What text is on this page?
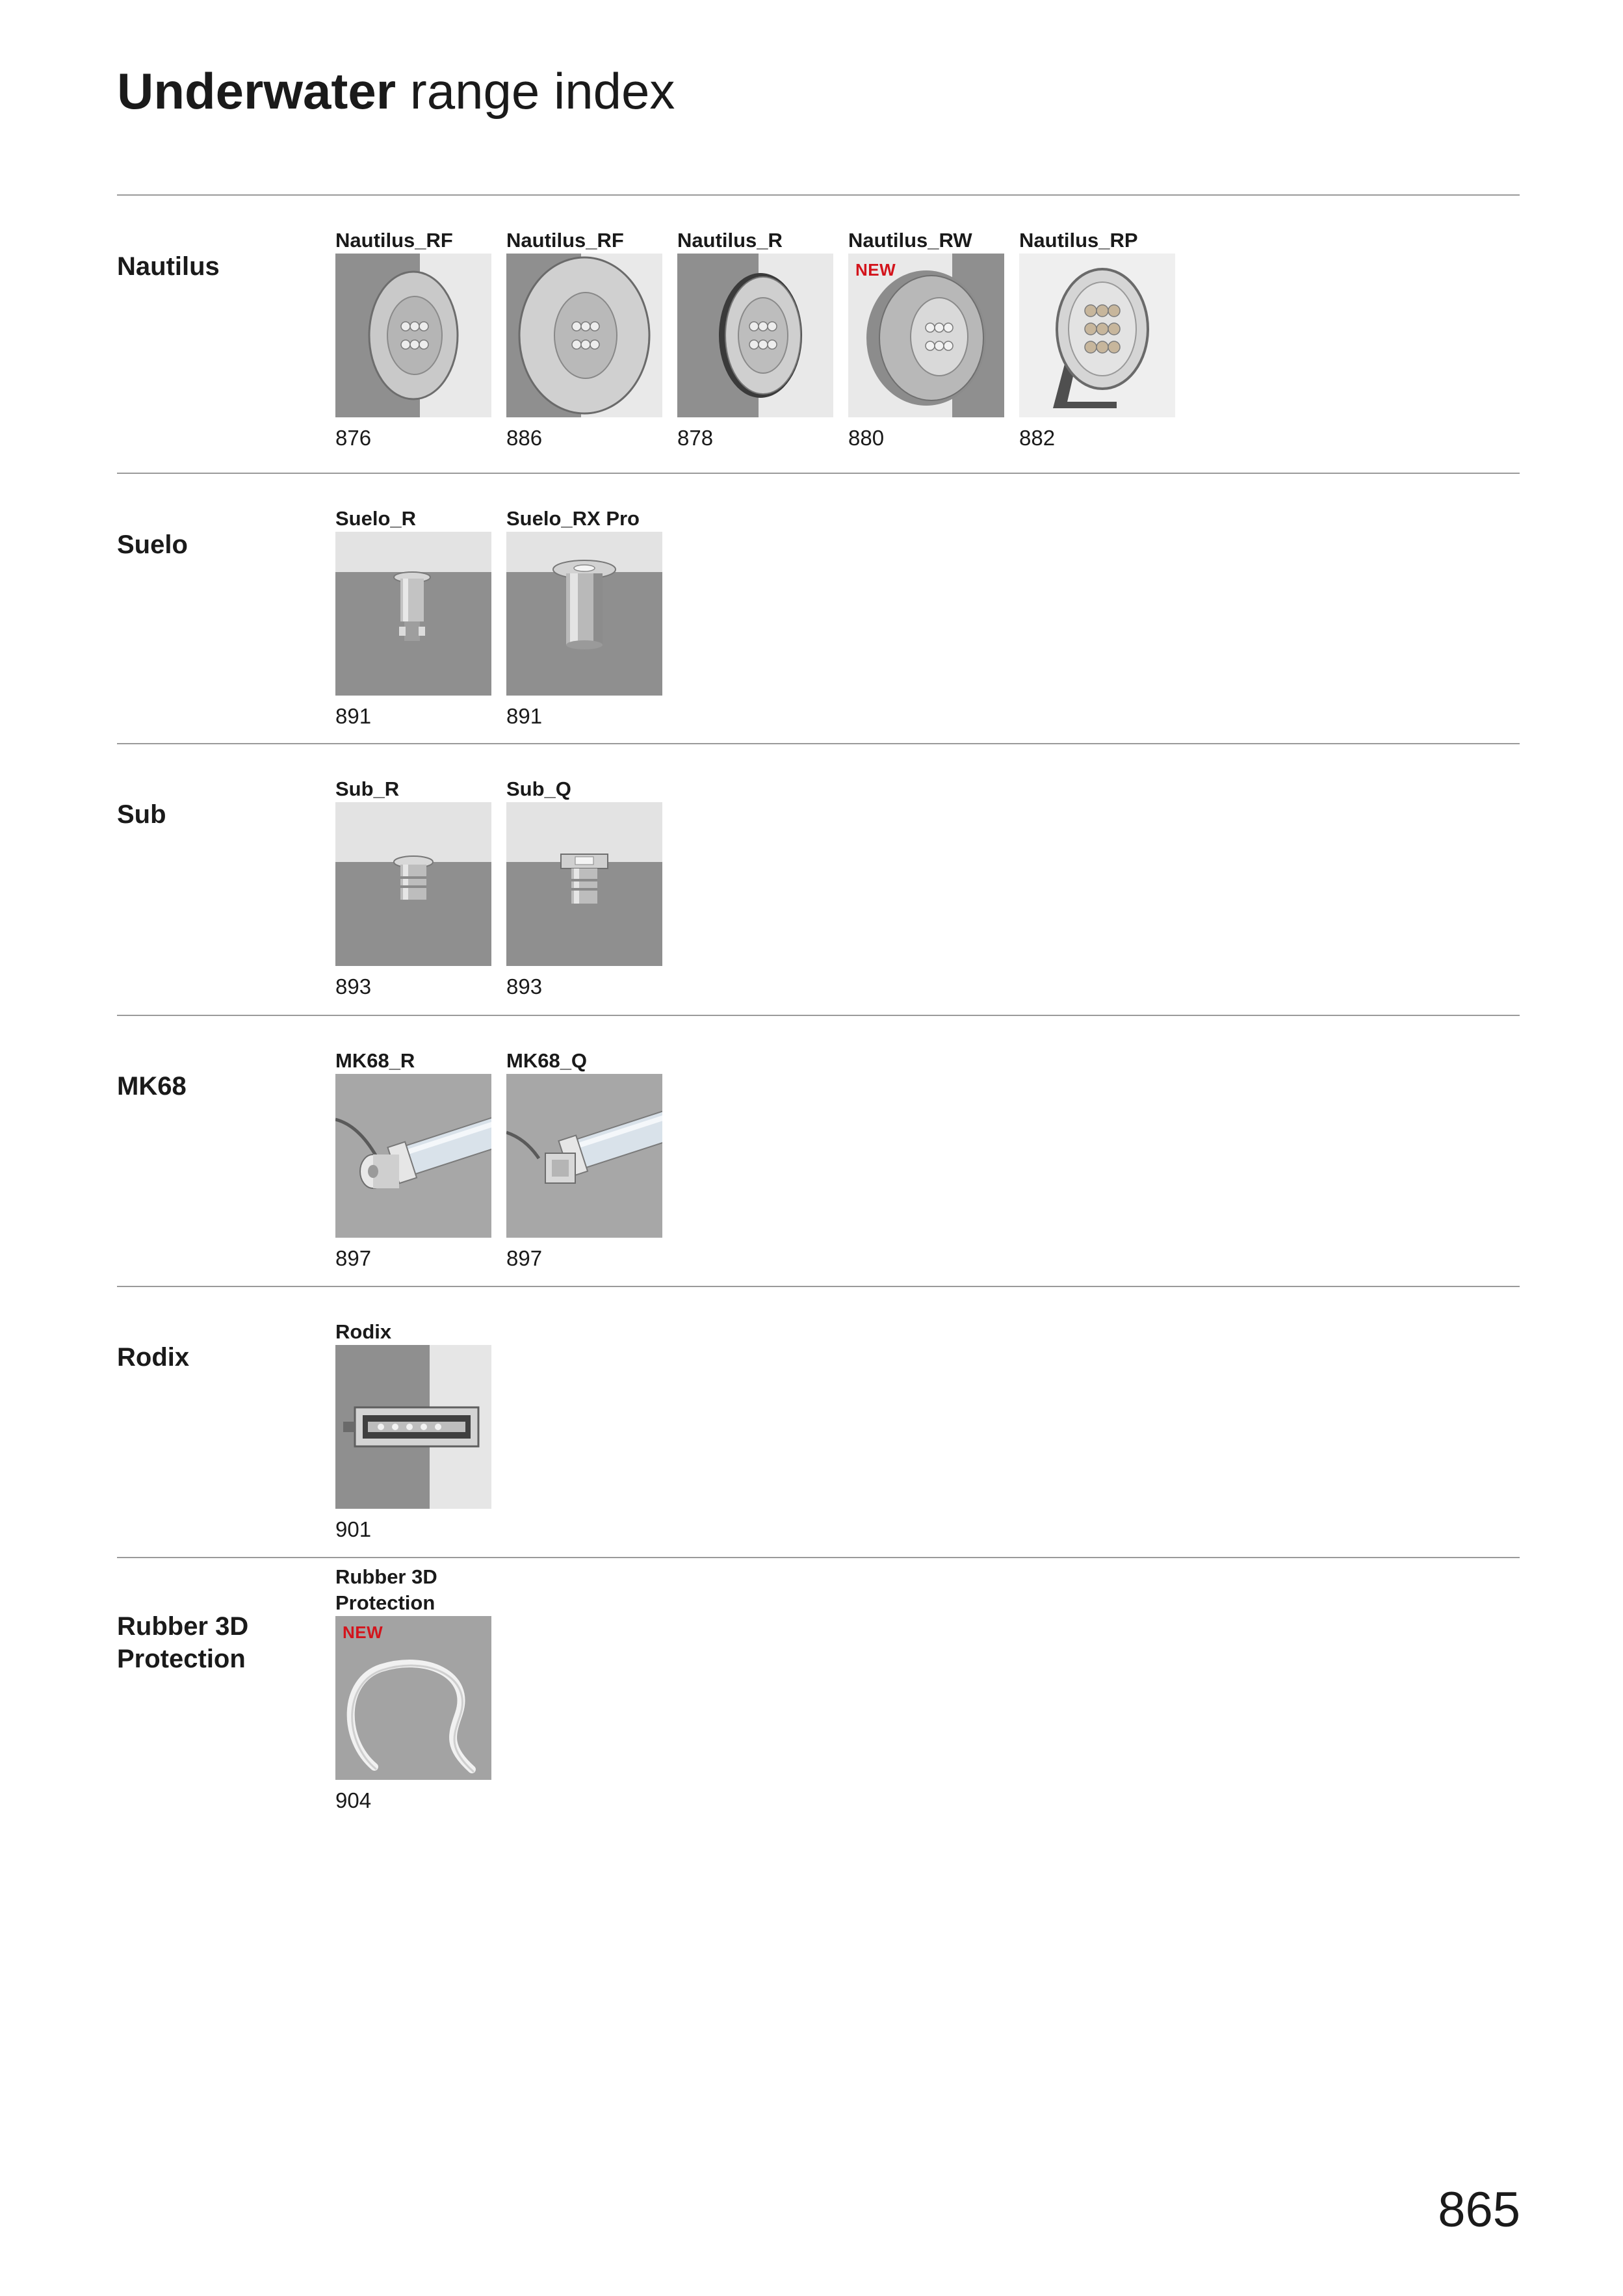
Underwater range index
Nautilus
Nautilus_RF
876
Nautilus_RF
886
Nautilus_R
878
Nautilus_RW
NEW
880
Nautilus_RP
882
Suelo
Suelo_R
891
Suelo_RX Pro
891
Sub
Sub_R
893
Sub_Q
893
MK68
MK68_R
897
MK68_Q
897
Rodix
Rodix
901
Rubber 3D Protection
Rubber 3D Protection
NEW
904
865
